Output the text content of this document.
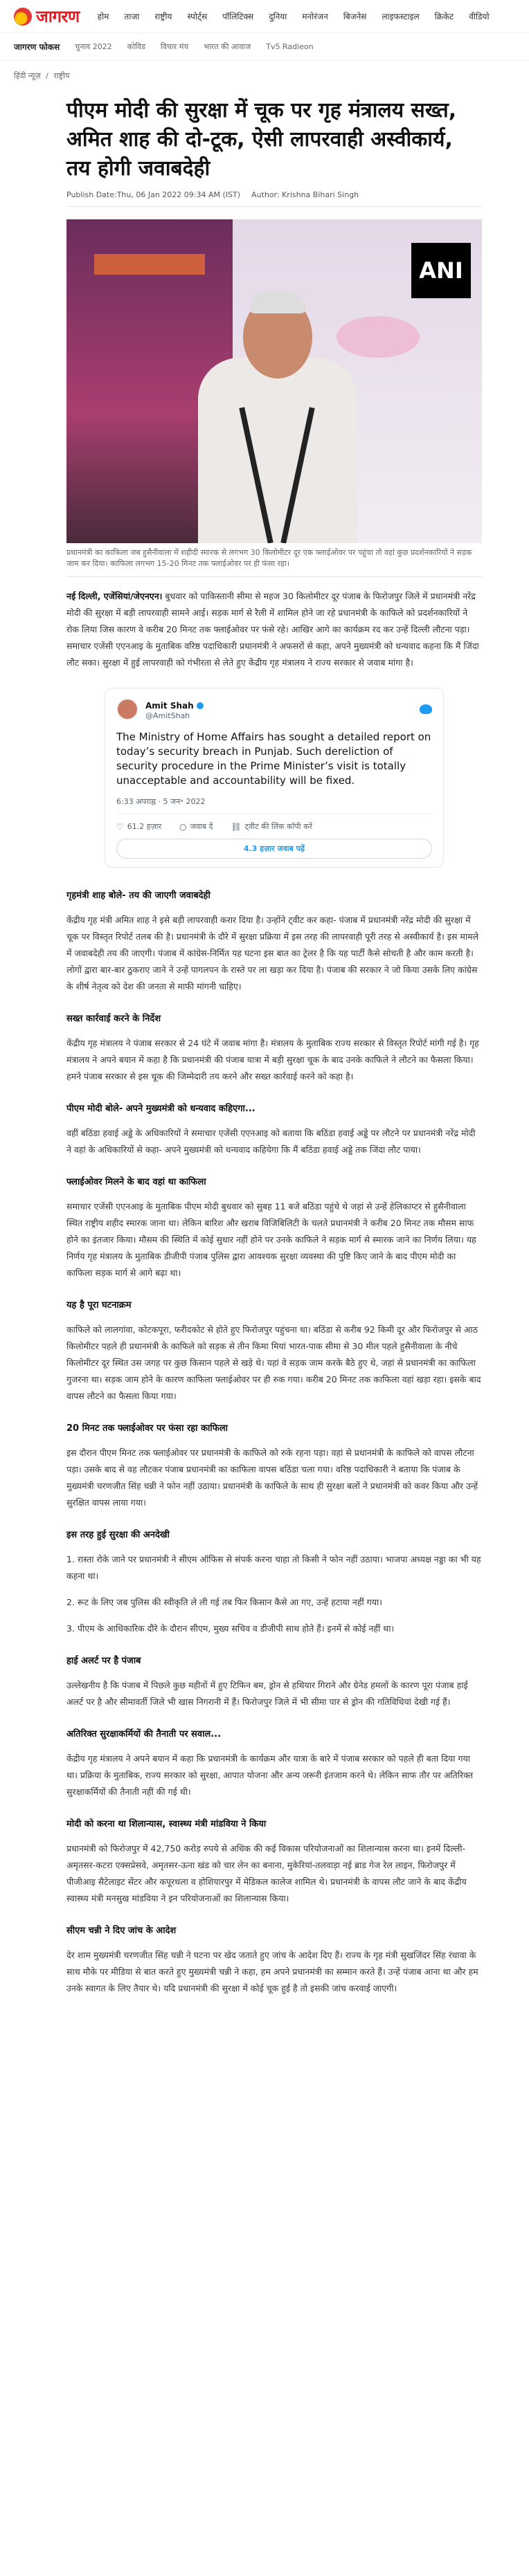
जागरण होम ताजा राष्ट्रीय स्पोर्ट्स पॉलिटिक्स दुनिया मनोरंजन बिजनेस लाइफस्टाइल क्रिकेट वीडियो
जागरण फोकस चुनाव 2022 कोविड विचार मंच भारत की आवाज Tv5 Radieon
हिंदी न्यूज़ / राष्ट्रीय
पीएम मोदी की सुरक्षा में चूक पर गृह मंत्रालय सख्त, अमित शाह की दो-टूक, ऐसी लापरवाही अस्वीकार्य, तय होगी जवाबदेही
Publish Date:Thu, 06 Jan 2022 09:34 AM (IST) Author: Krishna Bihari Singh
ANI
प्रधानमंत्री का काफिला जब हुसैनीवाला में शहीदी स्मारक से लगभग 30 किलोमीटर दूर एक फ्लाईओवर पर पहुंचा तो वहां कुछ प्रदर्शनकारियों ने सड़क जाम कर दिया। काफिला लगभग 15-20 मिनट तक फ्लाईओवर पर ही फंसा रहा।

नई दिल्ली, एजेंसियां/जेएनएन। बुधवार को पाकिस्तानी सीमा से महज 30 किलोमीटर दूर पंजाब के फिरोजपुर जिले में प्रधानमंत्री नरेंद्र मोदी की सुरक्षा में बड़ी लापरवाही सामने आई। सड़क मार्ग से रैली में शामिल होने जा रहे प्रधानमंत्री के काफिले को प्रदर्शनकारियों ने रोक लिया जिस कारण वे करीब 20 मिनट तक फ्लाईओवर पर फंसे रहे। आखिर आगे का कार्यक्रम रद कर उन्हें दिल्ली लौटना पड़ा। समाचार एजेंसी एएनआइ के मुताबिक वरिष्ठ पदाधिकारी प्रधानमंत्री ने अफसरों से कहा, अपने मुख्यमंत्री को धन्यवाद कहना कि मैं जिंदा लौट सका। सुरक्षा में हुई लापरवाही को गंभीरता से लेते हुए केंद्रीय गृह मंत्रालय ने राज्य सरकार से जवाब मांगा है।

Amit Shah
@AmitShah
The Ministry of Home Affairs has sought a detailed report on today’s security breach in Punjab. Such dereliction of security procedure in the Prime Minister’s visit is totally unacceptable and accountability will be fixed.
6:33 अपराह्न · 5 जन॰ 2022
♡ 61.2 हज़ार ○ जवाब दें ⛓ ट्वीट की लिंक कॉपी करें
4.3 हज़ार जवाब पढ़ें
गृहमंत्री शाह बोले- तय की जाएगी जवाबदेही

केंद्रीय गृह मंत्री अमित शाह ने इसे बड़ी लापरवाही करार दिया है। उन्होंने ट्वीट कर कहा- पंजाब में प्रधानमंत्री नरेंद्र मोदी की सुरक्षा में चूक पर विस्तृत रिपोर्ट तलब की है। प्रधानमंत्री के दौरे में सुरक्षा प्रक्रिया में इस तरह की लापरवाही पूरी तरह से अस्वीकार्य है। इस मामले में जवाबदेही तय की जाएगी। पंजाब में कांग्रेस-निर्मित यह घटना इस बात का ट्रेलर है कि यह पार्टी कैसे सोचती है और काम करती है। लोगों द्वारा बार-बार ठुकराए जाने ने उन्हें पागलपन के रास्ते पर ला खड़ा कर दिया है। पंजाब की सरकार ने जो किया उसके लिए कांग्रेस के शीर्ष नेतृत्व को देश की जनता से माफी मांगनी चाहिए।

सख्त कार्रवाई करने के निर्देश

केंद्रीय गृह मंत्रालय ने पंजाब सरकार से 24 घंटे में जवाब मांगा है। मंत्रालय के मुताबिक राज्य सरकार से विस्तृत रिपोर्ट मांगी गई है। गृह मंत्रालय ने अपने बयान में कहा है कि प्रधानमंत्री की पंजाब यात्रा में बड़ी सुरक्षा चूक के बाद उनके काफिले ने लौटने का फैसला किया। हमने पंजाब सरकार से इस चूक की जिम्मेदारी तय करने और सख्त कार्रवाई करने को कहा है।

पीएम मोदी बोले- अपने मुख्यमंत्री को धन्यवाद कहिएगा...

वहीं बठिंडा हवाई अड्डे के अधिकारियों ने समाचार एजेंसी एएनआइ को बताया कि बठिंडा हवाई अड्डे पर लौटने पर प्रधानमंत्री नरेंद्र मोदी ने वहां के अधिकारियों से कहा- अपने मुख्यमंत्री को धन्यवाद कहियेगा कि मैं बठिंडा हवाई अड्डे तक जिंदा लौट पाया।

फ्लाईओवर मिलने के बाद वहां था काफिला

समाचार एजेंसी एएनआइ के मुताबिक पीएम मोदी बुधवार को सुबह 11 बजे बठिंडा पहुंचे थे जहां से उन्हें हेलिकाप्टर से हुसैनीवाला स्थित राष्ट्रीय शहीद स्मारक जाना था। लेकिन बारिश और खराब विजिबिलिटी के चलते प्रधानमंत्री ने करीब 20 मिनट तक मौसम साफ होने का इंतजार किया। मौसम की स्थिति में कोई सुधार नहीं होने पर उनके काफिले ने सड़क मार्ग से स्मारक जाने का निर्णय लिया। यह निर्णय गृह मंत्रालय के मुताबिक डीजीपी पंजाब पुलिस द्वारा आवश्यक सुरक्षा व्यवस्था की पुष्टि किए जाने के बाद पीएम मोदी का काफिला सड़क मार्ग से आगे बढ़ा था।

यह है पूरा घटनाक्रम

काफिले को लालगांवा, कोटकपूरा, फरीदकोट से होते हुए फिरोजपुर पहुंचना था। बठिंडा से करीब 92 किमी दूर और फिरोजपुर से आठ किलोमीटर पहले ही प्रधानमंत्री के काफिले को सड़क से तीन किमा मियां भारत-पाक सीमा से 30 मील पहले हुसैनीवाला के नीचे किलोमीटर दूर स्थित उस जगह पर कुछ किसान पहले से खड़े थे। यहां वे सड़क जाम करके बैठे हुए थे, जहां से प्रधानमंत्री का काफिला गुजरना था। सड़क जाम होने के कारण काफिला फ्लाईओवर पर ही रुक गया। करीब 20 मिनट तक काफिला वहां खड़ा रहा। इसके बाद वापस लौटने का फैसला किया गया।

20 मिनट तक फ्लाईओवर पर फंसा रहा काफिला

इस दौरान पीएम मिनट तक फ्लाईओवर पर प्रधानमंत्री के काफिले को रुके रहना पड़ा। वहां से प्रधानमंत्री के काफिले को वापस लौटना पड़ा। उसके बाद से वह लौटकर पंजाब प्रधानमंत्री का काफिला वापस बठिंडा चला गया। वरिष्ठ पदाधिकारी ने बताया कि पंजाब के मुख्यमंत्री चरणजीत सिंह चन्नी ने फोन नहीं उठाया। प्रधानमंत्री के काफिले के साथ ही सुरक्षा बलों ने प्रधानमंत्री को कवर किया और उन्हें सुरक्षित वापस लाया गया।

इस तरह हुई सुरक्षा की अनदेखी

1. रास्ता रोके जाने पर प्रधानमंत्री ने सीएम ऑफिस से संपर्क करना चाहा तो किसी ने फोन नहीं उठाया। भाजपा अध्यक्ष नड्डा का भी यह कहना था।

2. रूट के लिए जब पुलिस की स्वीकृति ले ली गई तब फिर किसान कैसे आ गए, उन्हें हटाया नहीं गया।

3. पीएम के आधिकारिक दौरे के दौरान सीएम, मुख्य सचिव व डीजीपी साथ होते हैं। इनमें से कोई नहीं था।

हाई अलर्ट पर है पंजाब

उल्लेखनीय है कि पंजाब में पिछले कुछ महीनों में हुए टिफिन बम, ड्रोन से हथियार गिराने और ग्रेनेड हमलों के कारण पूरा पंजाब हाई अलर्ट पर है और सीमावर्ती जिले भी खास निगरानी में हैं। फिरोजपुर जिले में भी सीमा पार से ड्रोन की गतिविधियां देखी गई हैं।

अतिरिक्त सुरक्षाकर्मियों की तैनाती पर सवाल...

केंद्रीय गृह मंत्रालय ने अपने बयान में कहा कि प्रधानमंत्री के कार्यक्रम और यात्रा के बारे में पंजाब सरकार को पहले ही बता दिया गया था। प्रक्रिया के मुताबिक, राज्य सरकार को सुरक्षा, आपात योजना और अन्य जरूरी इंतजाम करने थे। लेकिन साफ तौर पर अतिरिक्त सुरक्षाकर्मियों की तैनाती नहीं की गई थी।

मोदी को करना था शिलान्यास, स्वास्थ्य मंत्री मांडविया ने किया

प्रधानमंत्री को फिरोजपुर में 42,750 करोड़ रुपये से अधिक की कई विकास परियोजनाओं का शिलान्यास करना था। इनमें दिल्ली-अमृतसर-कटरा एक्सप्रेसवे, अमृतसर-ऊना खंड को चार लेन का बनाना, मुकेरियां-तलवाड़ा नई ब्राड गेज रेल लाइन, फिरोजपुर में पीजीआइ सैटेलाइट सेंटर और कपूरथला व होशियारपुर में मेडिकल कालेज शामिल थे। प्रधानमंत्री के वापस लौट जाने के बाद केंद्रीय स्वास्थ्य मंत्री मनसुख मांडविया ने इन परियोजनाओं का शिलान्यास किया।

सीएम चन्नी ने दिए जांच के आदेश

देर शाम मुख्यमंत्री चरणजीत सिंह चन्नी ने घटना पर खेद जताते हुए जांच के आदेश दिए हैं। राज्य के गृह मंत्री सुखजिंदर सिंह रंधावा के साथ मौके पर मीडिया से बात करते हुए मुख्यमंत्री चन्नी ने कहा, हम अपने प्रधानमंत्री का सम्मान करते हैं। उन्हें पंजाब आना था और हम उनके स्वागत के लिए तैयार थे। यदि प्रधानमंत्री की सुरक्षा में कोई चूक हुई है तो इसकी जांच करवाई जाएगी।
